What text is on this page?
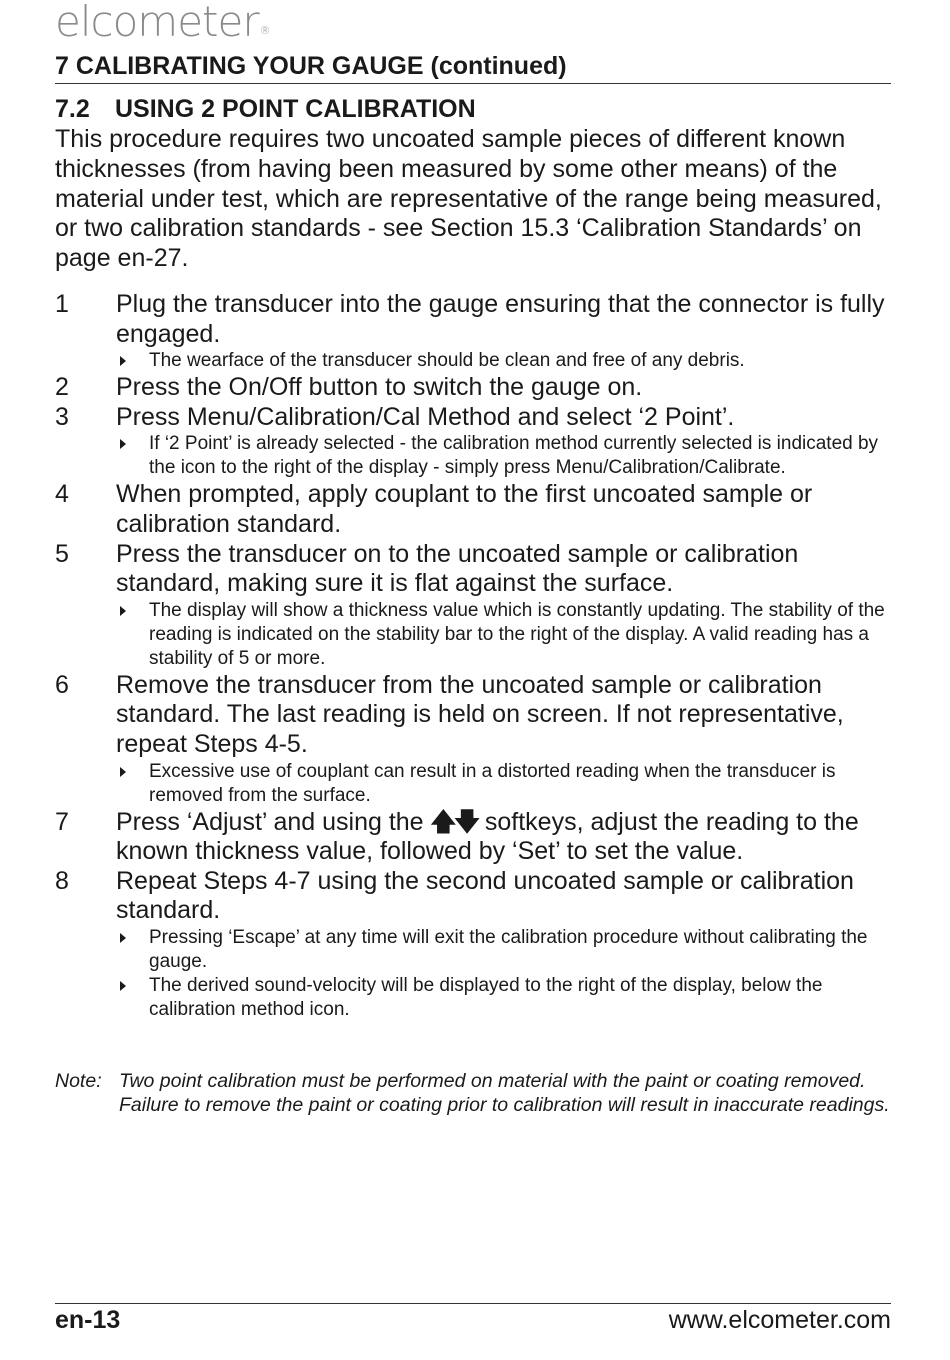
elcometer®
7 CALIBRATING YOUR GAUGE (continued)
7.2 USING 2 POINT CALIBRATION
This procedure requires two uncoated sample pieces of different known thicknesses (from having been measured by some other means) of the material under test, which are representative of the range being measured, or two calibration standards - see Section 15.3 ‘Calibration Standards’ on page en-27.
1 Plug the transducer into the gauge ensuring that the connector is fully engaged.
The wearface of the transducer should be clean and free of any debris.
2 Press the On/Off button to switch the gauge on.
3 Press Menu/Calibration/Cal Method and select ‘2 Point’.
If ‘2 Point’ is already selected - the calibration method currently selected is indicated by the icon to the right of the display - simply press Menu/Calibration/Calibrate.
4 When prompted, apply couplant to the first uncoated sample or calibration standard.
5 Press the transducer on to the uncoated sample or calibration standard, making sure it is flat against the surface.
The display will show a thickness value which is constantly updating. The stability of the reading is indicated on the stability bar to the right of the display. A valid reading has a stability of 5 or more.
6 Remove the transducer from the uncoated sample or calibration standard. The last reading is held on screen. If not representative, repeat Steps 4-5.
Excessive use of couplant can result in a distorted reading when the transducer is removed from the surface.
7 Press ‘Adjust’ and using the 🡅🡇 softkeys, adjust the reading to the known thickness value, followed by ‘Set’ to set the value.
8 Repeat Steps 4-7 using the second uncoated sample or calibration standard.
Pressing ‘Escape’ at any time will exit the calibration procedure without calibrating the gauge.
The derived sound-velocity will be displayed to the right of the display, below the calibration method icon.
Note: Two point calibration must be performed on material with the paint or coating removed. Failure to remove the paint or coating prior to calibration will result in inaccurate readings.
en-13	www.elcometer.com
